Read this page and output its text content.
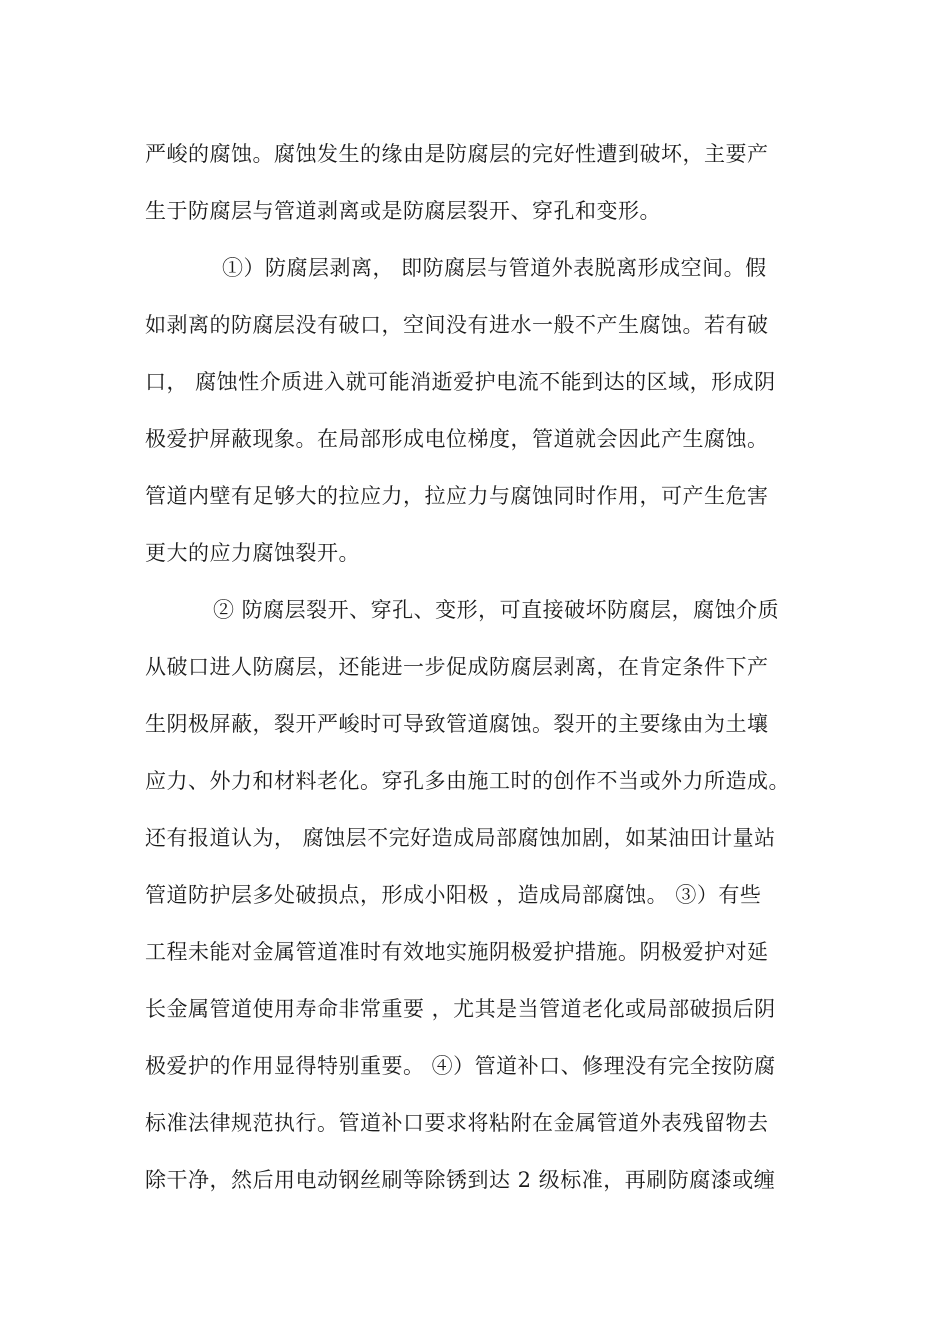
严峻的腐蚀。腐蚀发生的缘由是防腐层的完好性遭到破坏，主要产
生于防腐层与管道剥离或是防腐层裂开、穿孔和变形。
①）防腐层剥离， 即防腐层与管道外表脱离形成空间。假
如剥离的防腐层没有破口，空间没有进水一般不产生腐蚀。若有破
口， 腐蚀性介质进入就可能消逝爱护电流不能到达的区域，形成阴
极爱护屏蔽现象。在局部形成电位梯度，管道就会因此产生腐蚀。
管道内壁有足够大的拉应力，拉应力与腐蚀同时作用，可产生危害
更大的应力腐蚀裂开。
② 防腐层裂开、穿孔、变形，可直接破坏防腐层，腐蚀介质
从破口进人防腐层，还能进一步促成防腐层剥离，在肯定条件下产
生阴极屏蔽，裂开严峻时可导致管道腐蚀。裂开的主要缘由为土壤
应力、外力和材料老化。穿孔多由施工时的创作不当或外力所造成。
还有报道认为， 腐蚀层不完好造成局部腐蚀加剧，如某油田计量站
管道防护层多处破损点，形成小阳极 ，造成局部腐蚀。 ③）有些
工程未能对金属管道准时有效地实施阴极爱护措施。阴极爱护对延
长金属管道使用寿命非常重要 ，尤其是当管道老化或局部破损后阴
极爱护的作用显得特别重要。 ④）管道补口、修理没有完全按防腐
标准法律规范执行。管道补口要求将粘附在金属管道外表残留物去
除干净，然后用电动钢丝刷等除锈到达 2 级标准，再刷防腐漆或缠
